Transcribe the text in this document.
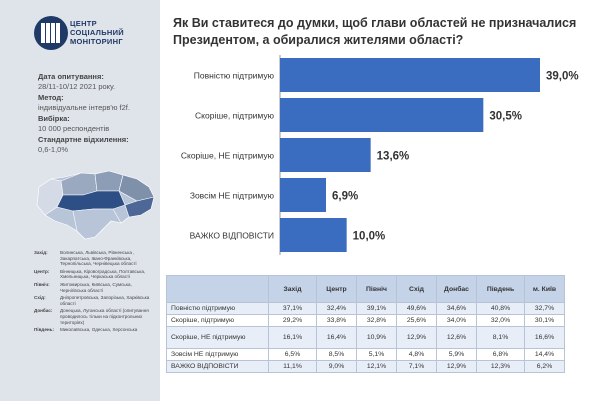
ЦЕНТР
СОЦІАЛЬНИЙ
МОНІТОРИНГ
Дата опитування:
28/11-10/12 2021 року.
Метод:
індивідуальне інтерв'ю f2f.
Вибірка:
10 000 респондентів
Стандартне відхилення:
0,6-1,0%
Захід:	Волинська, Львівська, Рівненська , Закарпатська, Івано-Франківська, Тернопільська, Чернівецька області
Центр:	Вінницька, Кіровоградська, Полтавська, Хмельницька, Черкаська області
Північ:	Житомирська, Київська, Сумська, Чернігівська області
Схід:	Дніпропетровська, Запорізька, Харківська області
Донбас:	Донецька, Луганська області (опитування проводилось тільки на підконтрольних територіях)
Південь:	Миколаївська, Одеська, Херсонська
Як Ви ставитеся до думки, щоб глави областей не призначалися Президентом, а обиралися жителями області?
Повністю підтримую	39,0%
Скоріше, підтримую	30,5%
Скоріше, НЕ підтримую	13,6%
Зовсім НЕ підтримую	6,9%
ВАЖКО ВІДПОВІСТИ	10,0%
	Захід	Центр	Північ	Схід	Донбас	Південь	м. Київ
Повністю підтримую	37,1%	32,4%	39,1%	49,6%	34,6%	40,8%	32,7%
Скоріше, підтримую	29,2%	33,8%	32,8%	25,6%	34,0%	32,0%	30,1%
Скоріше, НЕ підтримую	16,1%	16,4%	10,9%	12,9%	12,6%	8,1%	16,6%
Зовсім НЕ підтримую	6,5%	8,5%	5,1%	4,8%	5,9%	6,8%	14,4%
ВАЖКО ВІДПОВІСТИ	11,1%	9,0%	12,1%	7,1%	12,9%	12,3%	6,2%
